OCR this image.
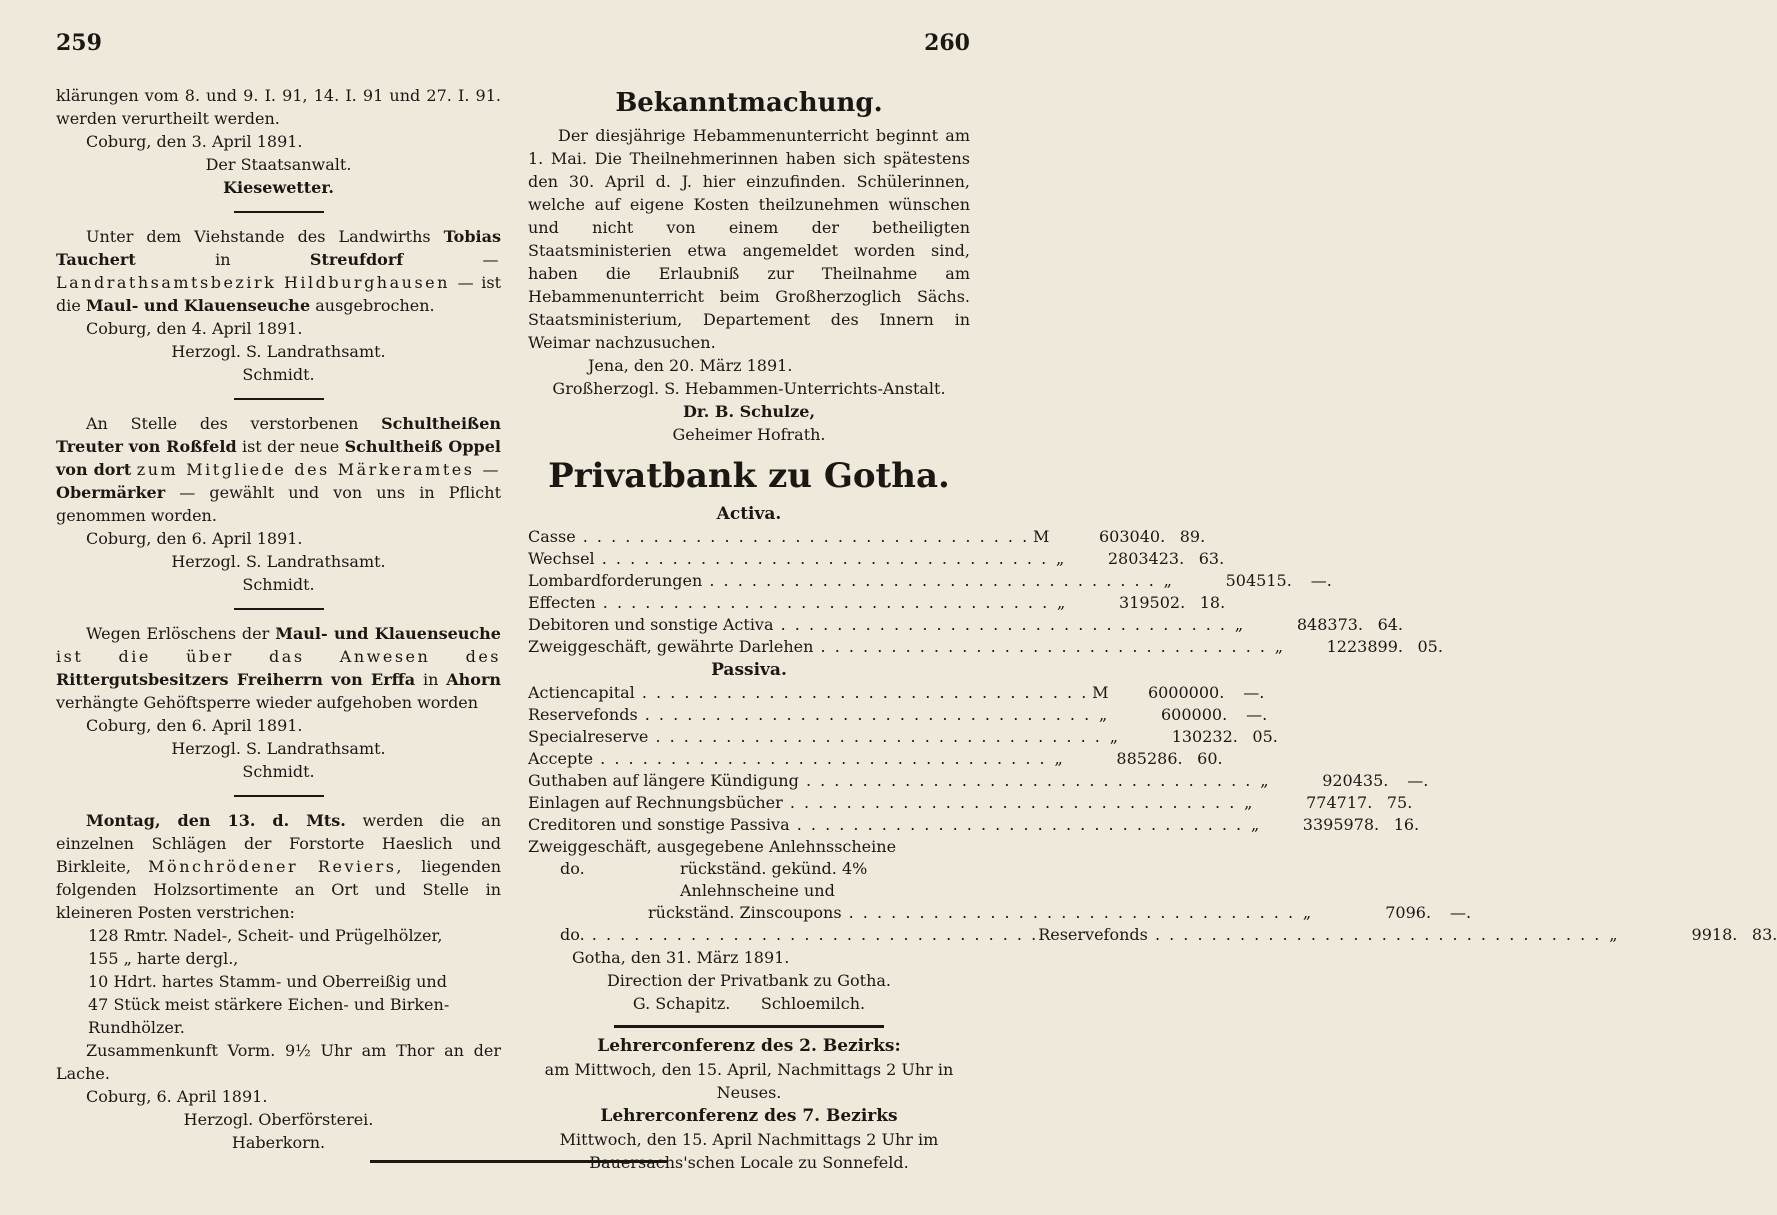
259	260
klärungen vom 8. und 9. I. 91, 14. I. 91 und 27. I. 91. werden verurtheilt werden.
Coburg, den 3. April 1891.
Der Staatsanwalt.
Kiesewetter.
Unter dem Viehstande des Landwirths Tobias Tauchert	in	Streufdorf	— Landrathsamtsbezirk Hildburghausen — ist die Maul- und Klauenseuche ausgebrochen.
Coburg, den 4. April 1891.
Herzogl. S. Landrathsamt.
Schmidt.
An Stelle des verstorbenen Schultheißen Treuter von Roßfeld ist der neue Schultheiß Oppel von dort zum Mitgliede des Märkeramtes — Obermärker — gewählt und von uns in Pflicht genommen worden.
Coburg, den 6. April 1891.
Herzogl. S. Landrathsamt.
Schmidt.
Wegen Erlöschens der Maul- und Klauenseuche ist die über das Anwesen des Rittergutsbesitzers Freiherrn von Erffa in Ahorn verhängte Gehöftsperre wieder aufgehoben worden
Coburg, den 6. April 1891.
Herzogl. S. Landrathsamt.
Schmidt.
Montag, den 13. d. Mts. werden die an einzelnen Schlägen der Forstorte Haeslich und Birkleite, Mönchrödener Reviers, liegenden folgenden Holzsortimente an Ort und Stelle in kleineren Posten verstrichen:
128 Rmtr. Nadel-, Scheit- und Prügelhölzer,
155 „ harte dergl.,
10 Hdrt. hartes Stamm- und Oberreißig und
47 Stück meist stärkere Eichen- und Birken-Rundhölzer.
Zusammenkunft Vorm. 9½ Uhr am Thor an der Lache.
Coburg, 6. April 1891.
Herzogl. Oberförsterei.
Haberkorn.
Bekanntmachung.
Der diesjährige Hebammenunterricht beginnt am 1. Mai. Die Theilnehmerinnen haben sich spätestens den 30. April d. J. hier einzufinden. Schülerinnen, welche auf eigene Kosten theilzunehmen wünschen und nicht von einem der betheiligten Staatsministerien etwa angemeldet worden sind, haben die Erlaubniß zur Theilnahme am Hebammenunterricht beim Großherzoglich Sächs. Staatsministerium, Departement des Innern in Weimar nachzusuchen.
Jena, den 20. März 1891.
Großherzogl. S. Hebammen-Unterrichts-Anstalt.
Dr. B. Schulze,
Geheimer Hofrath.
Privatbank zu Gotha.
Activa.
Casse . . .	M	603040. 89.
Wechsel . . .	„	2803423. 63.
Lombardforderungen . . .	„	504515.	—.
Effecten . . .	„	319502. 18.
Debitoren und sonstige Activa . . .	„	848373. 64.
Zweiggeschäft, gewährte Darlehen . . .	„	1223899. 05.
Passiva.
Actiencapital . . .	M	6000000.	—.
Reservefonds . . .	„	600000.	—.
Specialreserve . . .	„	130232. 05.
Accepte . . .	„	885286. 60.
Guthaben auf längere Kündigung . . .	„	920435.	—.
Einlagen auf Rechnungsbücher . . .	„	774717. 75.
Creditoren und sonstige Passiva . . .	„	3395978. 16.
Zweiggeschäft, ausgegebene Anlehnsscheine
do.	rückständ. gekünd. 4% Anlehnscheine und
rückständ. Zinscoupons . . .	„	7096.	—.
do. . . .	Reservefonds . . .	„	9918. 83.
Gotha, den 31. März 1891.
Direction der Privatbank zu Gotha.
G. Schapitz.      Schloemilch.
Lehrerconferenz des 2. Bezirks:
am Mittwoch, den 15. April, Nachmittags 2 Uhr in Neuses.
Lehrerconferenz des 7. Bezirks
Mittwoch, den 15. April Nachmittags 2 Uhr im Bauersachs'schen Locale zu Sonnefeld.
